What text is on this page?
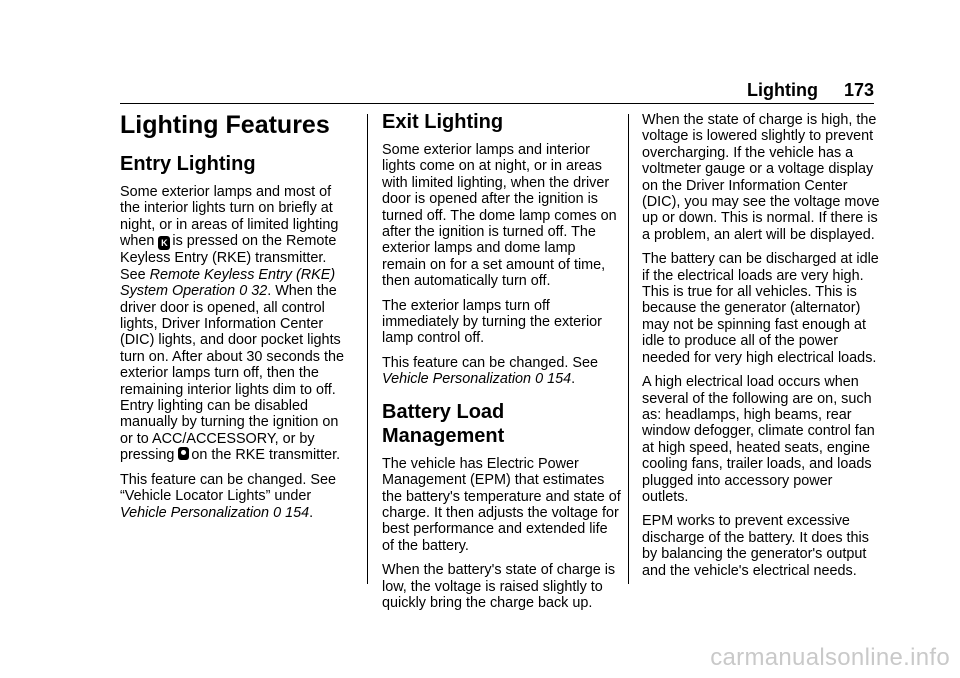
Lighting 173
Lighting Features
Entry Lighting

Some exterior lamps and most of the interior lights turn on briefly at night, or in areas of limited lighting when K is pressed on the Remote Keyless Entry (RKE) transmitter. See Remote Keyless Entry (RKE) System Operation 0 32. When the driver door is opened, all control lights, Driver Information Center (DIC) lights, and door pocket lights turn on. After about 30 seconds the exterior lamps turn off, then the remaining interior lights dim to off. Entry lighting can be disabled manually by turning the ignition on or to ACC/ACCESSORY, or by pressing on the RKE transmitter.

This feature can be changed. See “Vehicle Locator Lights” under Vehicle Personalization 0 154.

Exit Lighting

Some exterior lamps and interior lights come on at night, or in areas with limited lighting, when the driver door is opened after the ignition is turned off. The dome lamp comes on after the ignition is turned off. The exterior lamps and dome lamp remain on for a set amount of time, then automatically turn off.

The exterior lamps turn off immediately by turning the exterior lamp control off.

This feature can be changed. See Vehicle Personalization 0 154.

Battery Load Management

The vehicle has Electric Power Management (EPM) that estimates the battery's temperature and state of charge. It then adjusts the voltage for best performance and extended life of the battery.

When the battery's state of charge is low, the voltage is raised slightly to quickly bring the charge back up.

When the state of charge is high, the voltage is lowered slightly to prevent overcharging. If the vehicle has a voltmeter gauge or a voltage display on the Driver Information Center (DIC), you may see the voltage move up or down. This is normal. If there is a problem, an alert will be displayed.

The battery can be discharged at idle if the electrical loads are very high. This is true for all vehicles. This is because the generator (alternator) may not be spinning fast enough at idle to produce all of the power needed for very high electrical loads.

A high electrical load occurs when several of the following are on, such as: headlamps, high beams, rear window defogger, climate control fan at high speed, heated seats, engine cooling fans, trailer loads, and loads plugged into accessory power outlets.

EPM works to prevent excessive discharge of the battery. It does this by balancing the generator's output and the vehicle's electrical needs.

carmanualsonline.info
